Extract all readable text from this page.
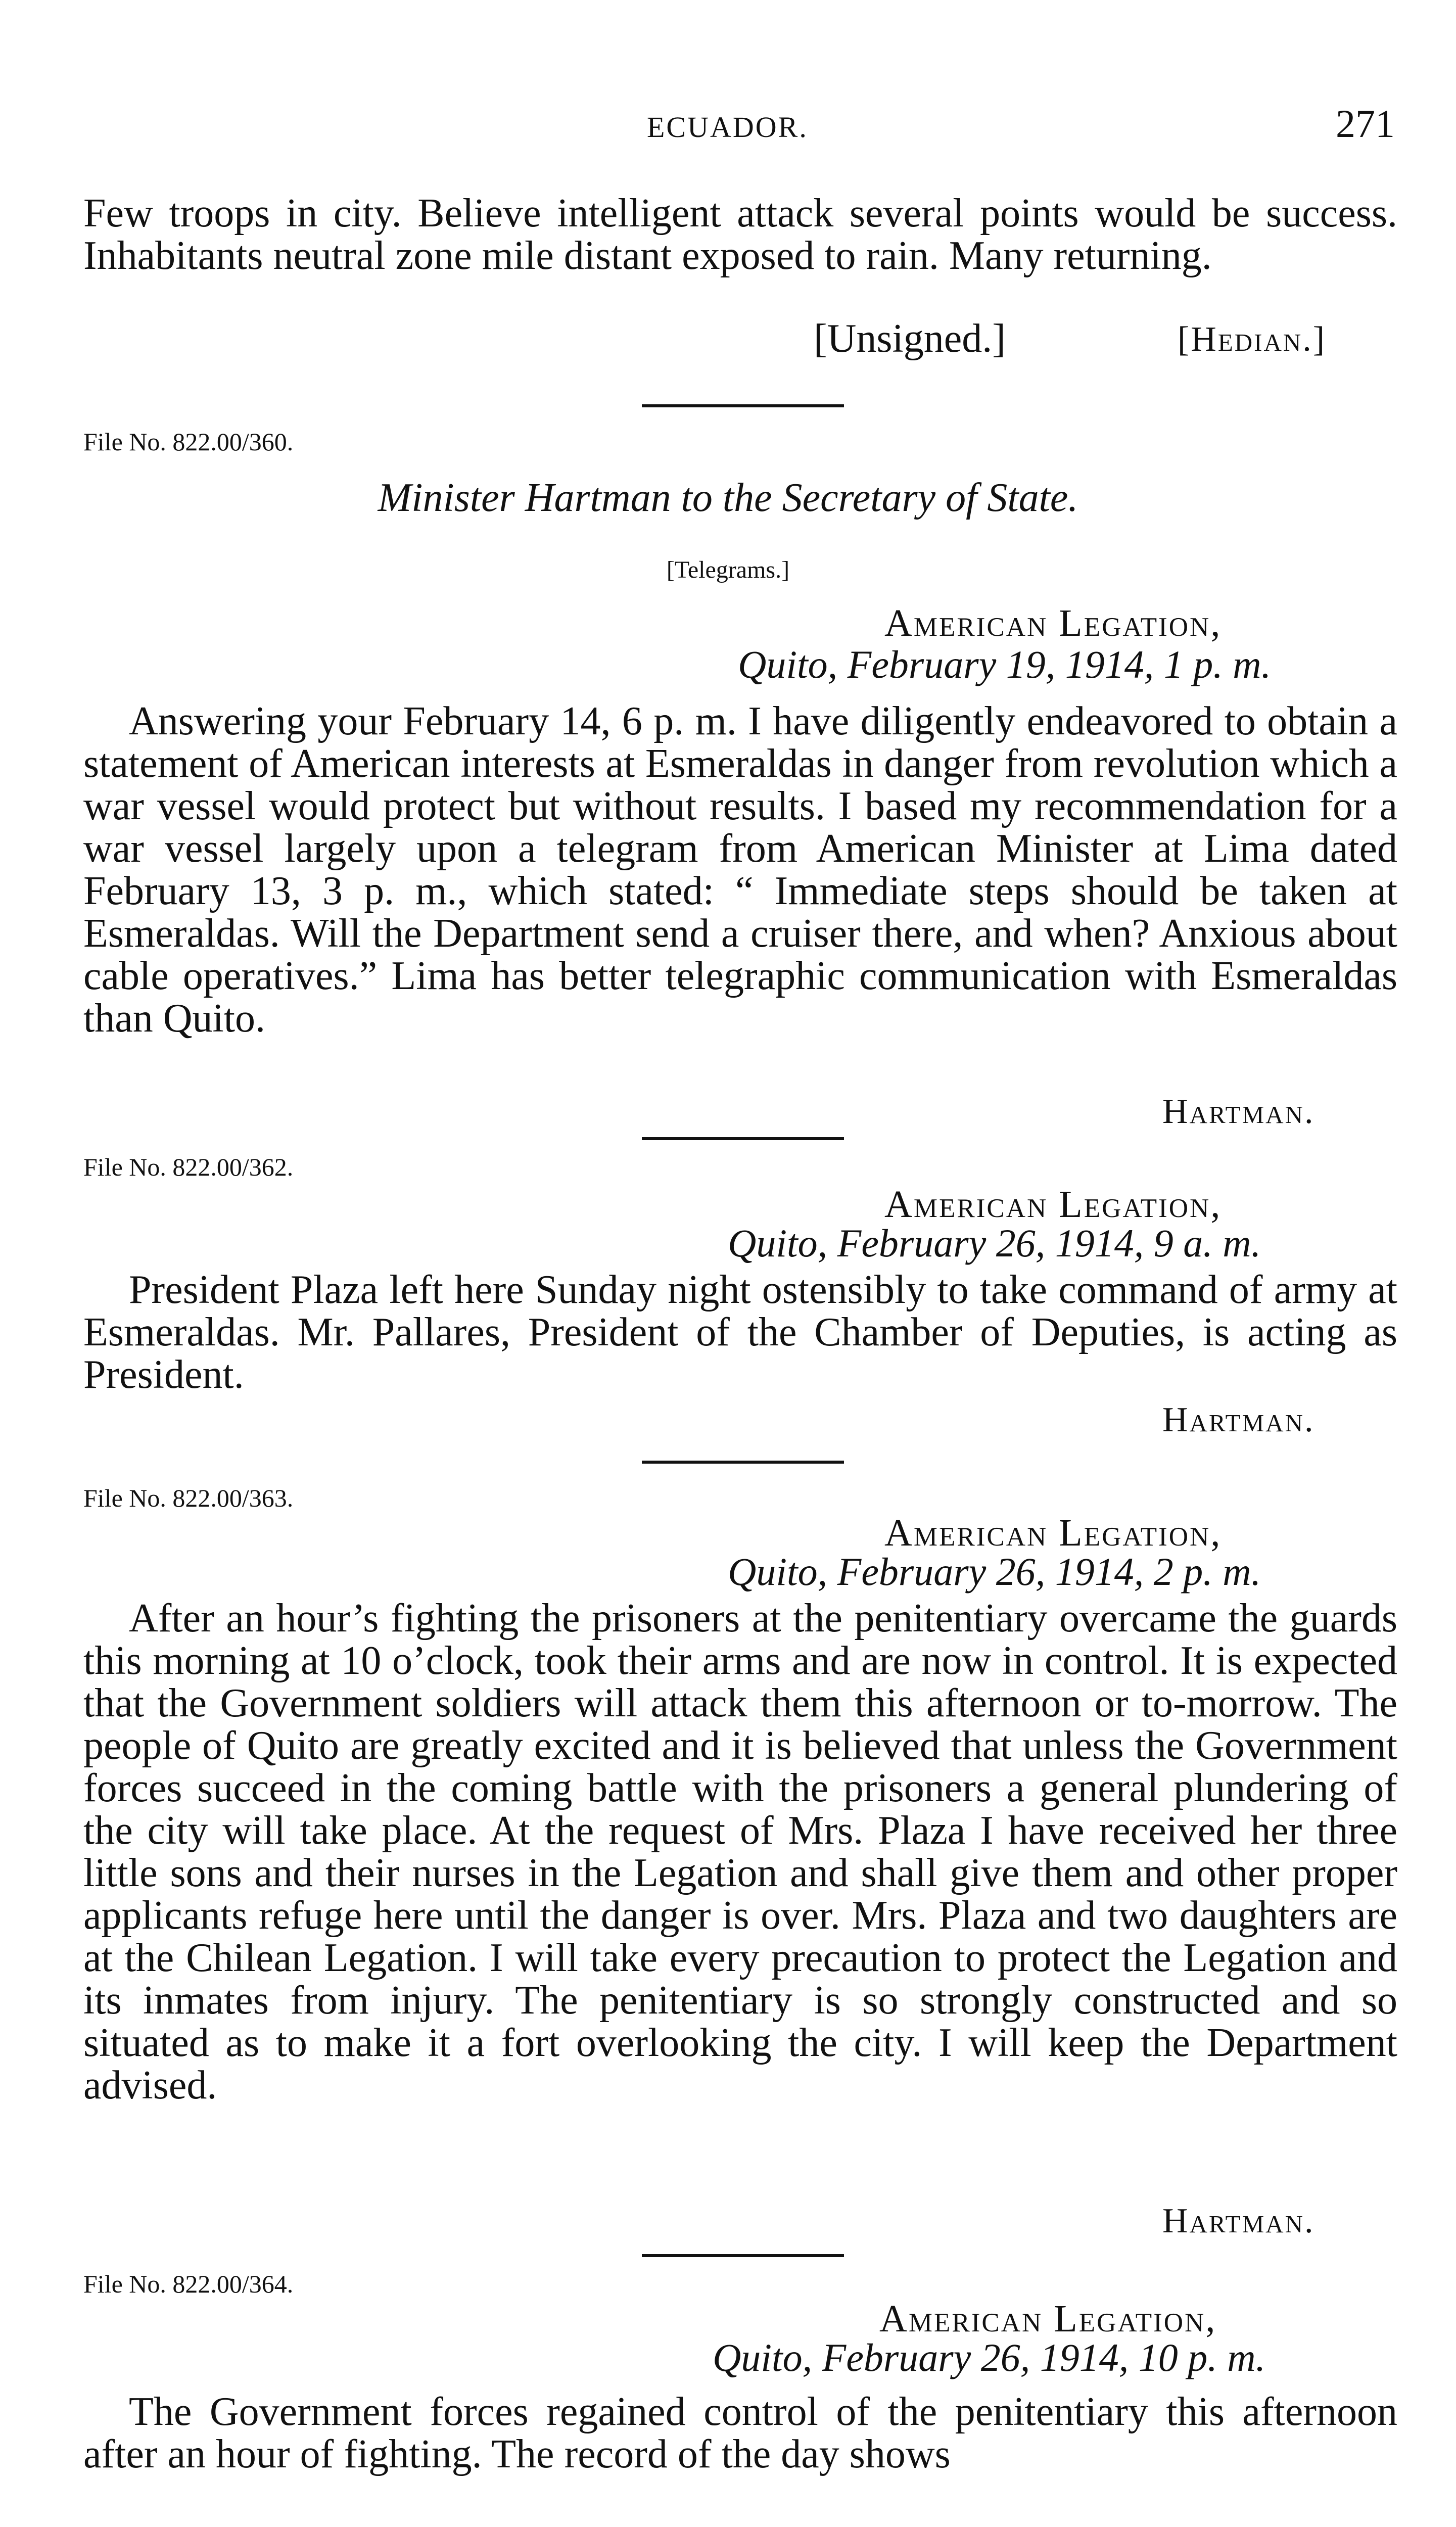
ECUADOR.	271
Few troops in city. Believe intelligent attack several points would be success. Inhabitants neutral zone mile distant exposed to rain. Many returning.
[Unsigned.]	[Hedian.]
File No. 822.00/360.
Minister Hartman to the Secretary of State.
[Telegrams.]
American Legation,
Quito, February 19, 1914, 1 p. m.
Answering your February 14, 6 p. m. I have diligently endeavored to obtain a statement of American interests at Esmeraldas in danger from revolution which a war vessel would protect but without results. I based my recommendation for a war vessel largely upon a telegram from American Minister at Lima dated February 13, 3 p. m., which stated: “ Immediate steps should be taken at Esmeraldas. Will the Department send a cruiser there, and when? Anxious about cable operatives.” Lima has better telegraphic communication with Esmeraldas than Quito.
Hartman.
File No. 822.00/362.
American Legation,
Quito, February 26, 1914, 9 a. m.
President Plaza left here Sunday night ostensibly to take command of army at Esmeraldas. Mr. Pallares, President of the Chamber of Deputies, is acting as President.
Hartman.
File No. 822.00/363.
American Legation,
Quito, February 26, 1914, 2 p. m.
After an hour’s fighting the prisoners at the penitentiary overcame the guards this morning at 10 o’clock, took their arms and are now in control. It is expected that the Government soldiers will attack them this afternoon or to-morrow. The people of Quito are greatly excited and it is believed that unless the Government forces succeed in the coming battle with the prisoners a general plundering of the city will take place. At the request of Mrs. Plaza I have received her three little sons and their nurses in the Legation and shall give them and other proper applicants refuge here until the danger is over. Mrs. Plaza and two daughters are at the Chilean Legation. I will take every precaution to protect the Legation and its inmates from injury. The penitentiary is so strongly constructed and so situated as to make it a fort overlooking the city. I will keep the Department advised.
Hartman.
File No. 822.00/364.
American Legation,
Quito, February 26, 1914, 10 p. m.
The Government forces regained control of the penitentiary this afternoon after an hour of fighting. The record of the day shows
